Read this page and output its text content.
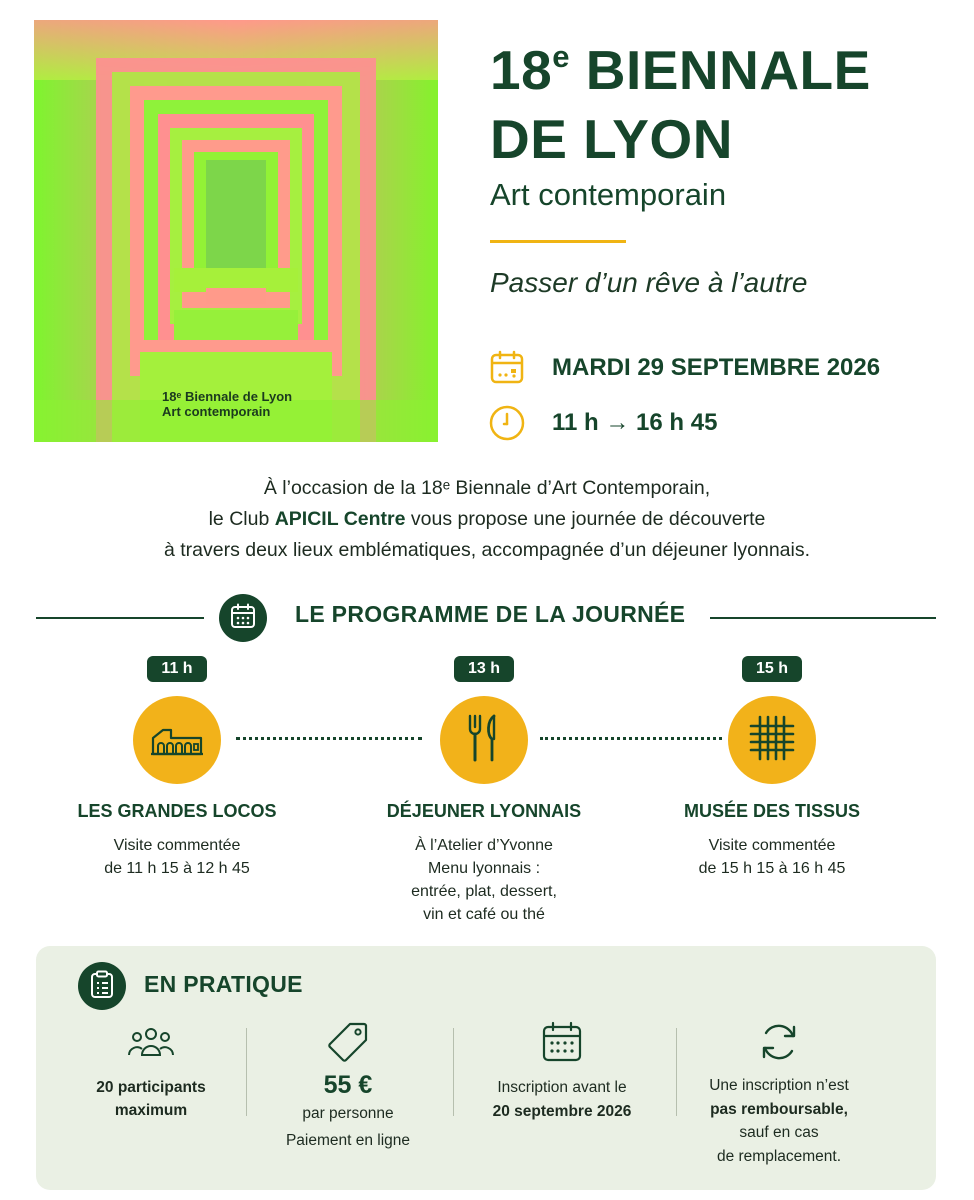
18ᵉ Biennale de Lyon
Art contemporain
18e BIENNALE
DE LYON
Art contemporain
Passer d’un rêve à l’autre
MARDI 29 SEPTEMBRE 2026
11 h → 16 h 45

À l’occasion de la 18ᵉ Biennale d’Art Contemporain,

le Club APICIL Centre vous propose une journée de découverte

à travers deux lieux emblématiques, accompagnée d’un déjeuner lyonnais.

LE PROGRAMME DE LA JOURNÉE
11 h
LES GRANDES LOCOS
Visite commentée
de 11 h 15 à 12 h 45
13 h
DÉJEUNER LYONNAIS
À l’Atelier d’Yvonne
Menu lyonnais :
entrée, plat, dessert,
vin et café ou thé
15 h
MUSÉE DES TISSUS
Visite commentée
de 15 h 15 à 16 h 45
EN PRATIQUE
20 participants
maximum
55 €
par personne
Paiement en ligne
Inscription avant le
20 septembre 2026
Une inscription n’est
pas remboursable,
sauf en cas
de remplacement.
